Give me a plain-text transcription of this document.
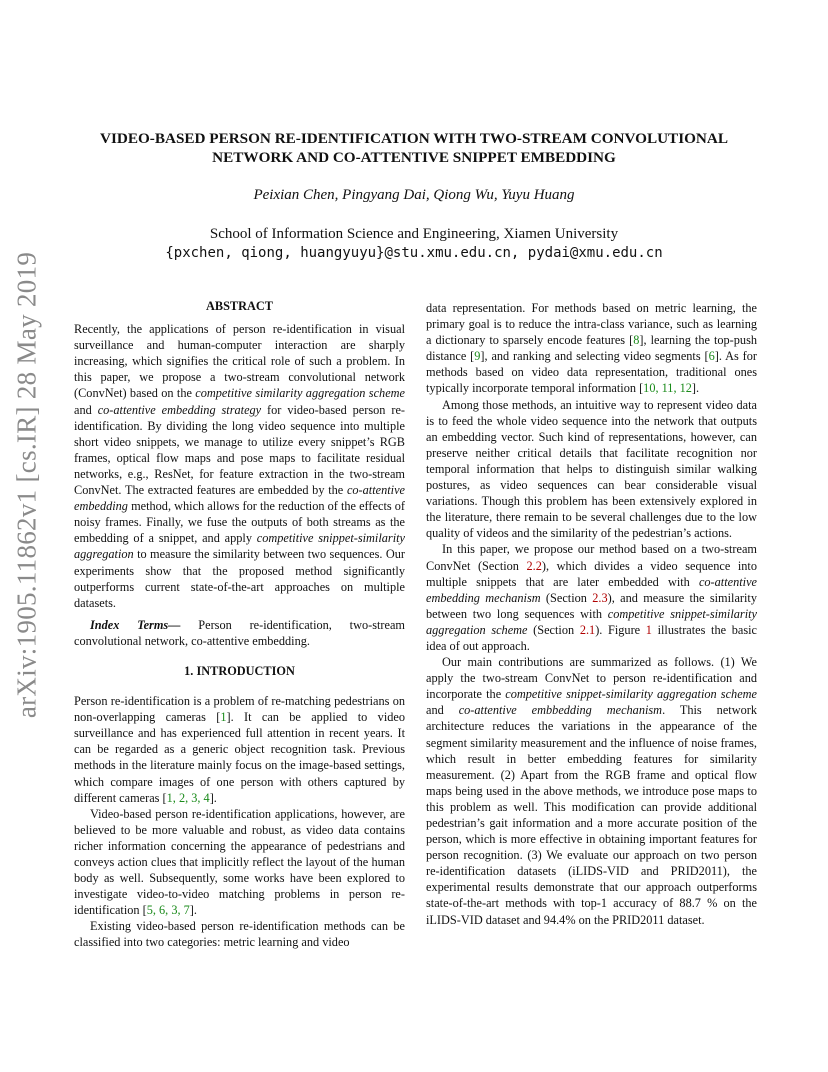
arXiv:1905.11862v1 [cs.IR] 28 May 2019
VIDEO-BASED PERSON RE-IDENTIFICATION WITH TWO-STREAM CONVOLUTIONAL
NETWORK AND CO-ATTENTIVE SNIPPET EMBEDDING
Peixian Chen, Pingyang Dai, Qiong Wu, Yuyu Huang
School of Information Science and Engineering, Xiamen University
{pxchen, qiong, huangyuyu}@stu.xmu.edu.cn, pydai@xmu.edu.cn

ABSTRACT

Recently, the applications of person re-identification in visual surveillance and human-computer interaction are sharply increasing, which signifies the critical role of such a problem. In this paper, we propose a two-stream convolutional network (ConvNet) based on the competitive similarity aggregation scheme and co-attentive embedding strategy for video-based person re-identification. By dividing the long video sequence into multiple short video snippets, we manage to utilize every snippet’s RGB frames, optical flow maps and pose maps to facilitate residual networks, e.g., ResNet, for feature extraction in the two-stream ConvNet. The extracted features are embedded by the co-attentive embedding method, which allows for the reduction of the effects of noisy frames. Finally, we fuse the outputs of both streams as the embedding of a snippet, and apply competitive snippet-similarity aggregation to measure the similarity between two sequences. Our experiments show that the proposed method significantly outperforms current state-of-the-art approaches on multiple datasets.

Index Terms— Person re-identification, two-stream convolutional network, co-attentive embedding.

1. INTRODUCTION

Person re-identification is a problem of re-matching pedestrians on non-overlapping cameras [1]. It can be applied to video surveillance and has experienced full attention in recent years. It can be regarded as a generic object recognition task. Previous methods in the literature mainly focus on the image-based settings, which compare images of one person with others captured by different cameras [1, 2, 3, 4].

Video-based person re-identification applications, however, are believed to be more valuable and robust, as video data contains richer information concerning the appearance of pedestrians and conveys action clues that implicitly reflect the layout of the human body as well. Subsequently, some works have been explored to investigate video-to-video matching problems in person re-identification [5, 6, 3, 7].

Existing video-based person re-identification methods can be classified into two categories: metric learning and video

data representation. For methods based on metric learning, the primary goal is to reduce the intra-class variance, such as learning a dictionary to sparsely encode features [8], learning the top-push distance [9], and ranking and selecting video segments [6]. As for methods based on video data representation, traditional ones typically incorporate temporal information [10, 11, 12].

Among those methods, an intuitive way to represent video data is to feed the whole video sequence into the network that outputs an embedding vector. Such kind of representations, however, can preserve neither critical details that facilitate recognition nor temporal information that helps to distinguish similar walking postures, as video sequences can bear considerable visual variations. Though this problem has been extensively explored in the literature, there remain to be several challenges due to the low quality of videos and the similarity of the pedestrian’s actions.

In this paper, we propose our method based on a two-stream ConvNet (Section 2.2), which divides a video sequence into multiple snippets that are later embedded with co-attentive embedding mechanism (Section 2.3), and measure the similarity between two long sequences with competitive snippet-similarity aggregation scheme (Section 2.1). Figure 1 illustrates the basic idea of out approach.

Our main contributions are summarized as follows. (1) We apply the two-stream ConvNet to person re-identification and incorporate the competitive snippet-similarity aggregation scheme and co-attentive embbedding mechanism. This network architecture reduces the variations in the appearance of the segment similarity measurement and the influence of noise frames, which result in better embedding features for similarity measurement. (2) Apart from the RGB frame and optical flow maps being used in the above methods, we introduce pose maps to this problem as well. This modification can provide additional pedestrian’s gait information and a more accurate position of the person, which is more effective in obtaining important features for person recognition. (3) We evaluate our approach on two person re-identification datasets (iLIDS-VID and PRID2011), the experimental results demonstrate that our approach outperforms state-of-the-art methods with top-1 accuracy of 88.7 % on the iLIDS-VID dataset and 94.4% on the PRID2011 dataset.
